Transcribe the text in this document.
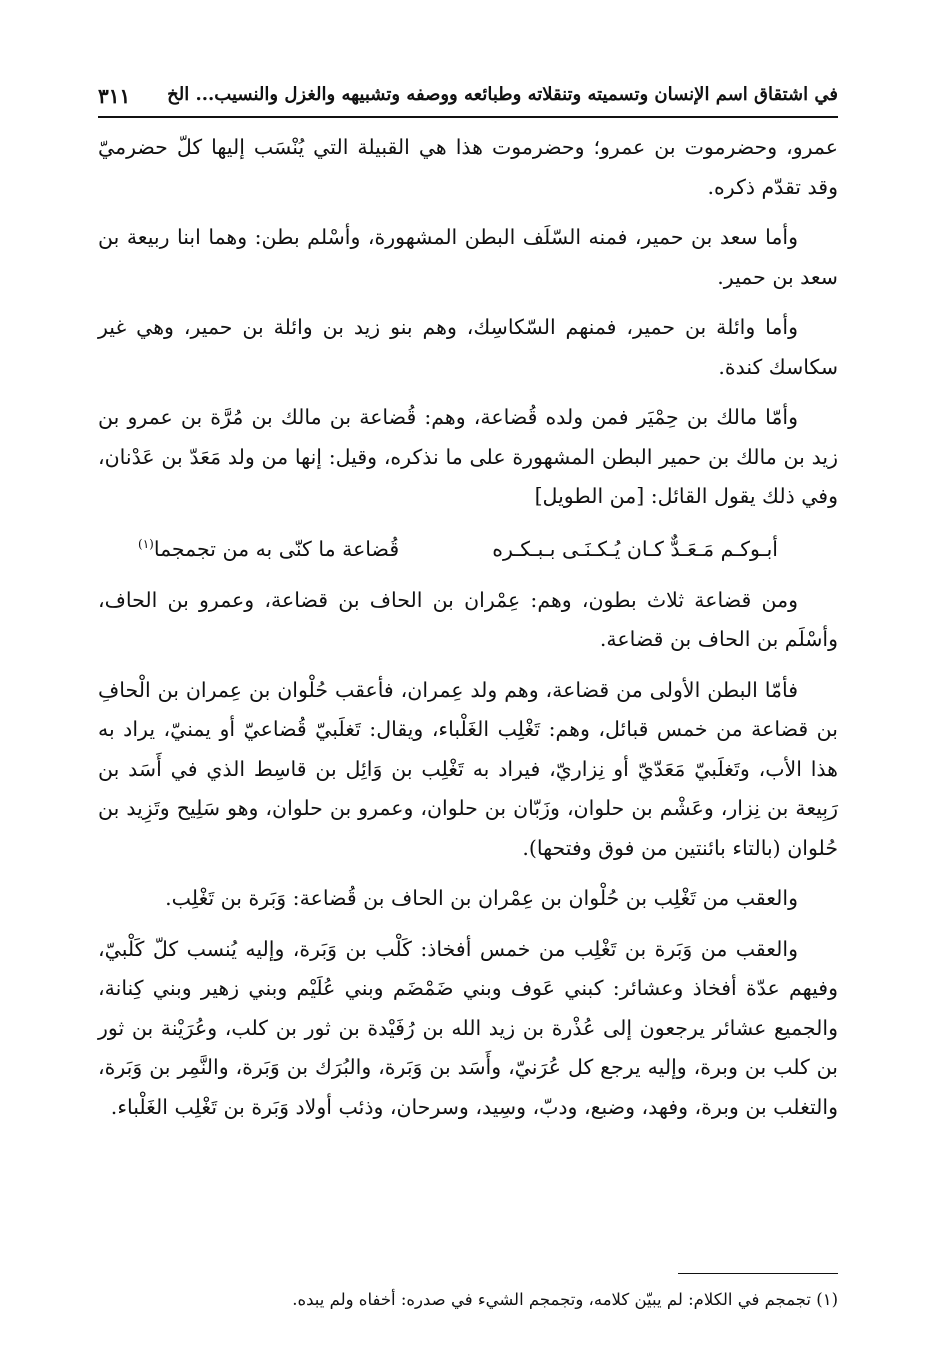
في اشتقاق اسم الإنسان وتسميته وتنقلاته وطبائعه ووصفه وتشبيهه والغزل والنسيب... الخ
٣١١

عمرو، وحضرموت بن عمرو؛ وحضرموت هذا هي القبيلة التي يُنْسَب إليها كلّ حضرميّ وقد تقدّم ذكره.

وأما سعد بن حمير، فمنه السّلَف البطن المشهورة، وأسْلم بطن: وهما ابنا ربيعة بن سعد بن حمير.

وأما وائلة بن حمير، فمنهم السّكاسِك، وهم بنو زيد بن وائلة بن حمير، وهي غير سكاسك كندة.

وأمّا مالك بن حِمْيَر فمن ولده قُضاعة، وهم: قُضاعة بن مالك بن مُرَّة بن عمرو بن زيد بن مالك بن حمير البطن المشهورة على ما نذكره، وقيل: إنها من ولد مَعَدّ بن عَدْنان، وفي ذلك يقول القائل: [من الطويل]

أبـوكـم مَـعَـدٌّ كـان يُـكـنَـى بـبـكـره
قُضاعة ما كنّى به من تجمجما$^{(١)}$

ومن قضاعة ثلاث بطون، وهم: عِمْران بن الحاف بن قضاعة، وعمرو بن الحاف، وأسْلَم بن الحاف بن قضاعة.

فأمّا البطن الأولى من قضاعة، وهم ولد عِمران، فأعقب حُلْوان بن عِمران بن الْحافِ بن قضاعة من خمس قبائل، وهم: تَغْلِب الغَلْباء، ويقال: تَغلَبيّ قُضاعيّ أو يمنيّ، يراد به هذا الأب، وتَغلَبيّ مَعَدّيّ أو نِزاريّ، فيراد به تَغْلِب بن وَائِل بن قاسِط الذي في أَسَد بن رَبِيعة بن نِزار، وعَشْم بن حلوان، وزَبّان بن حلوان، وعمرو بن حلوان، وهو سَلِيح وتَزِيد بن حُلوان (بالتاء بائنتين من فوق وفتحها).

والعقب من تَغْلِب بن حُلْوان بن عِمْران بن الحاف بن قُضاعة: وَبَرة بن تَغْلِب.

والعقب من وَبَرة بن تَغْلِب من خمس أفخاذ: كَلْب بن وَبَرة، وإليه يُنسب كلّ كَلْبيّ، وفيهم عدّة أفخاذ وعشائر: كبني عَوف وبني ضَمْضَم وبني عُلَيْم وبني زهير وبني كِنانة، والجميع عشائر يرجعون إلى عُذْرة بن زيد الله بن رُفَيْدة بن ثور بن كلب، وعُرَيْنة بن ثور بن كلب بن وبرة، وإليه يرجع كل عُرَنيّ، وأَسَد بن وَبَرة، والبُرَك بن وَبَرة، والنَّمِر بن وَبَرة، والتغلب بن وبرة، وفهد، وضبع، ودبّ، وسِيد، وسرحان، وذئب أولاد وَبَرة بن تَغْلِب الغَلْباء.

(١) تجمجم في الكلام: لم يبيّن كلامه، وتجمجم الشيء في صدره: أخفاه ولم يبده.
